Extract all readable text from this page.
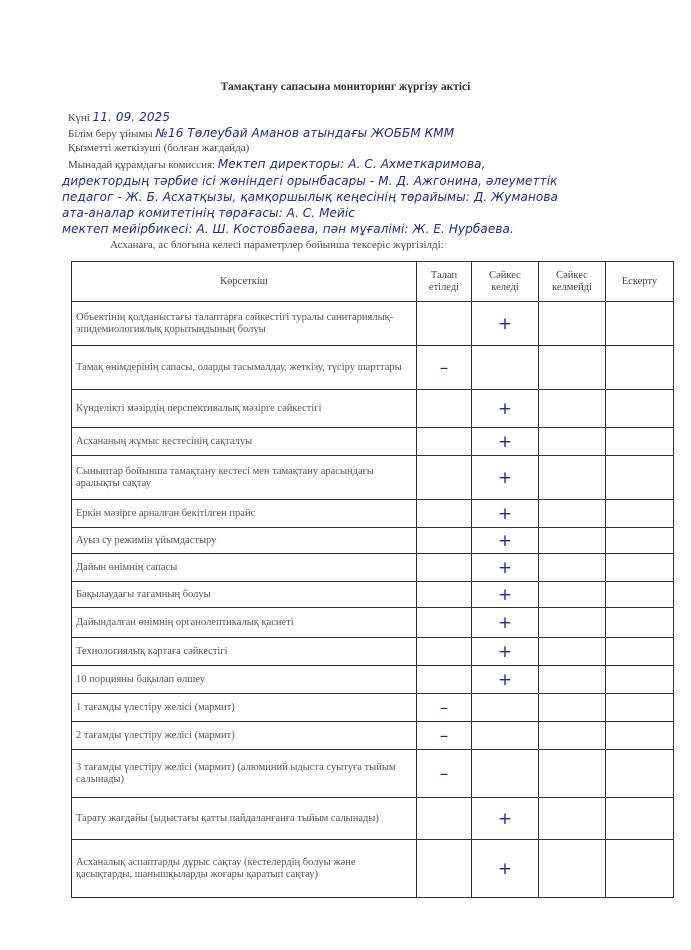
Тамақтану сапасына мониторинг жүргізу актісі
Күні 11. 09. 2025
Білім беру ұйымы №16 Төлеубай Аманов атындағы ЖОББМ КММ
Қызметті жеткізуші (болған жағдайда)
Мынадай құрамдағы комиссия: Мектеп директоры: А. С. Ахметкаримова,
директордың тәрбие ісі жөніндегі орынбасары - М. Д. Ажгонина, әлеуметтік
педагог - Ж. Б. Асхатқызы, қамқоршылық кеңесінің төрайымы: Д. Жуманова
ата-аналар комитетінің төрағасы: А. С. Мейіс
мектеп мейірбикесі: А. Ш. Костовбаева, пән мұғалімі: Ж. Е. Нурбаева.
Асханаға, ас блогына келесі параметрлер бойынша тексеріс жүргізілді:
Көрсеткіш	Талап етіледі	Сәйкес келеді	Сәйкес келмейді	Ескерту
Объектінің қолданыстағы талаптарға сәйкестігі туралы санитариялық-эпидемиологиялық қорытындының болуы		+		
Тамақ өнімдерінің сапасы, оларды тасымалдау, жеткізу, түсіру шарттары	–			
Күнделікті мәзірдің перспективалық мәзірге сәйкестігі		+		
Асхананың жұмыс кестесінің сақталуы		+		
Сыныптар бойынша тамақтану кестесі мен тамақтану арасындағы аралықты сақтау		+		
Еркін мәзірге арналған бекітілген прайс		+		
Ауыз су режимін ұйымдастыру		+		
Дайын өнімнің сапасы		+		
Бақылаудағы тағамның болуы		+		
Дайындалған өнімнің органолептикалық қасиеті		+		
Технологиялық картаға сәйкестігі		+		
10 порцияны бақылап өлшеу		+		
1 тағамды үлестіру желісі (мармит)	–			
2 тағамды үлестіру желісі (мармит)	–			
3 тағамды үлестіру желісі (мармит) (алюминий ыдыста суытуға тыйым салынады)	–			
Тарату жағдайы (ыдыстағы қатты пайдаланғанға тыйым салынады)		+		
Асханалық аспаптарды дұрыс сақтау (кестелердің болуы және қасықтарды, шанышқыларды жоғары қаратып сақтау)		+		
